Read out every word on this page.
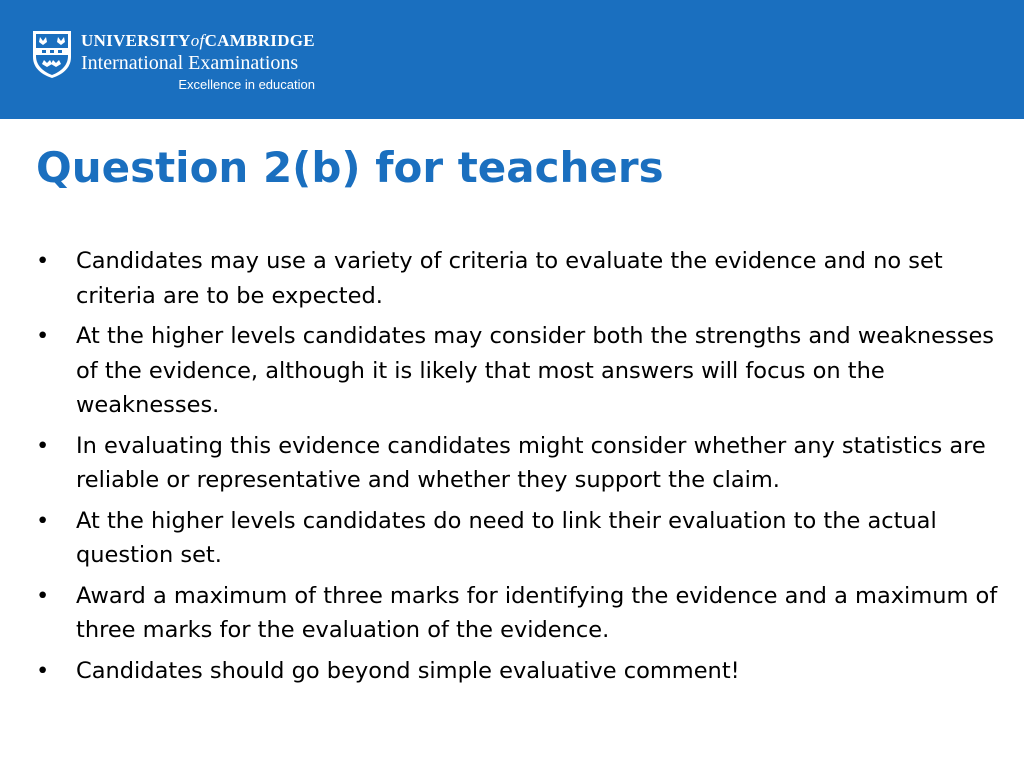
UNIVERSITYofCAMBRIDGE
International Examinations
Excellence in education
Question 2(b) for teachers
• Candidates may use a variety of criteria to evaluate the evidence and no set criteria are to be expected.
• At the higher levels candidates may consider both the strengths and weaknesses of the evidence, although it is likely that most answers will focus on the weaknesses.
• In evaluating this evidence candidates might consider whether any statistics are reliable or representative and whether they support the claim.
• At the higher levels candidates do need to link their evaluation to the actual question set.
• Award a maximum of three marks for identifying the evidence and a maximum of three marks for the evaluation of the evidence.
• Candidates should go beyond simple evaluative comment!
